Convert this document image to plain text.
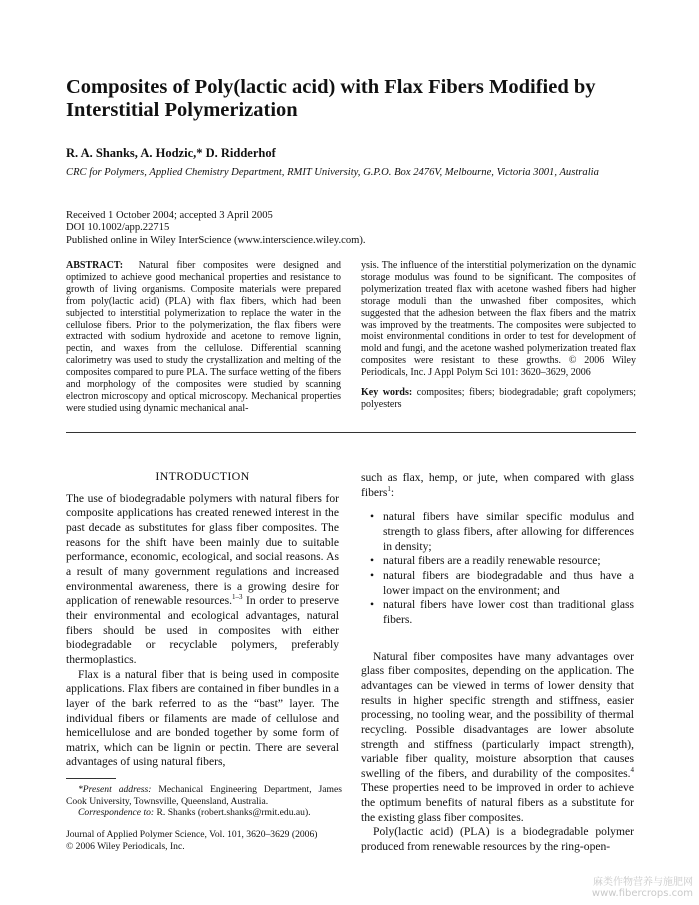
Composites of Poly(lactic acid) with Flax Fibers Modified by Interstitial Polymerization
R. A. Shanks, A. Hodzic,* D. Ridderhof
CRC for Polymers, Applied Chemistry Department, RMIT University, G.P.O. Box 2476V, Melbourne, Victoria 3001, Australia
Received 1 October 2004; accepted 3 April 2005
DOI 10.1002/app.22715
Published online in Wiley InterScience (www.interscience.wiley.com).

ABSTRACT: Natural fiber composites were designed and optimized to achieve good mechanical properties and resistance to growth of living organisms. Composite materials were prepared from poly(lactic acid) (PLA) with flax fibers, which had been subjected to interstitial polymerization to replace the water in the cellulose fibers. Prior to the polymerization, the flax fibers were extracted with sodium hydroxide and acetone to remove lignin, pectin, and waxes from the cellulose. Differential scanning calorimetry was used to study the crystallization and melting of the composites compared to pure PLA. The surface wetting of the fibers and morphology of the composites were studied by scanning electron microscopy and optical microscopy. Mechanical properties were studied using dynamic mechanical anal-

ysis. The influence of the interstitial polymerization on the dynamic storage modulus was found to be significant. The composites of polymerization treated flax with acetone washed fibers had higher storage moduli than the unwashed fiber composites, which suggested that the adhesion between the flax fibers and the matrix was improved by the treatments. The composites were subjected to moist environmental conditions in order to test for development of mold and fungi, and the acetone washed polymerization treated flax composites were resistant to these growths. © 2006 Wiley Periodicals, Inc. J Appl Polym Sci 101: 3620–3629, 2006

Key words: composites; fibers; biodegradable; graft copolymers; polyesters

INTRODUCTION

The use of biodegradable polymers with natural fibers for composite applications has created renewed interest in the past decade as substitutes for glass fiber composites. The reasons for the shift have been mainly due to suitable performance, economic, ecological, and social reasons. As a result of many government regulations and increased environmental awareness, there is a growing desire for application of renewable resources.$^{1-3}$ In order to preserve their environmental and ecological advantages, natural fibers should be used in composites with either biodegradable or recyclable polymers, preferably thermoplastics.

Flax is a natural fiber that is being used in composite applications. Flax fibers are contained in fiber bundles in a layer of the bark referred to as the “bast” layer. The individual fibers or filaments are made of cellulose and hemicellulose and are bonded together by some form of matrix, which can be lignin or pectin. There are several advantages of using natural fibers,

such as flax, hemp, or jute, when compared with glass fibers$^1$:

• natural fibers have similar specific modulus and strength to glass fibers, after allowing for differences in density;
• natural fibers are a readily renewable resource;
• natural fibers are biodegradable and thus have a lower impact on the environment; and
• natural fibers have lower cost than traditional glass fibers.

Natural fiber composites have many advantages over glass fiber composites, depending on the application. The advantages can be viewed in terms of lower density that results in higher specific strength and stiffness, easier processing, no tooling wear, and the possibility of thermal recycling. Possible disadvantages are lower absolute strength and stiffness (particularly impact strength), variable fiber quality, moisture absorption that causes swelling of the fibers, and durability of the composites.$^4$ These properties need to be improved in order to achieve the optimum benefits of natural fibers as a substitute for the existing glass fiber composites.

Poly(lactic acid) (PLA) is a biodegradable polymer produced from renewable resources by the ring-open-

*Present address: Mechanical Engineering Department, James Cook University, Townsville, Queensland, Australia.

Correspondence to: R. Shanks (robert.shanks@rmit.edu.au).

Journal of Applied Polymer Science, Vol. 101, 3620–3629 (2006)
© 2006 Wiley Periodicals, Inc.
麻类作物营养与施肥网
www.fibercrops.com
